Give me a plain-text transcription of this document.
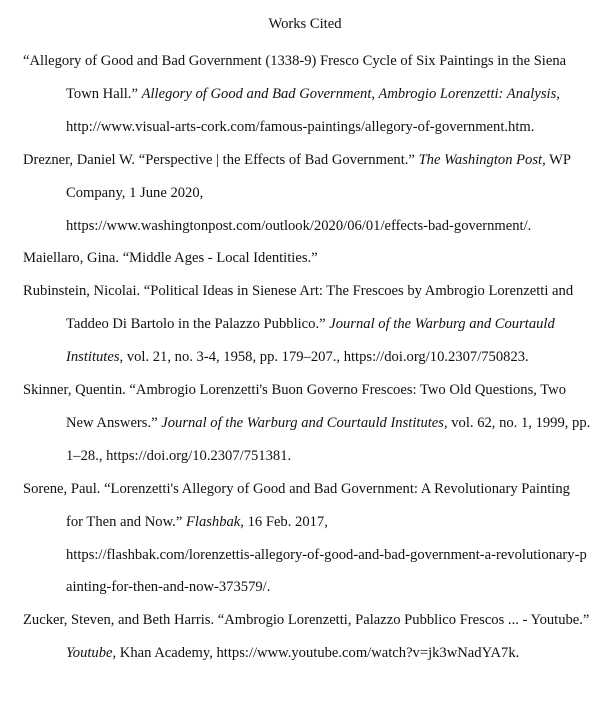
Works Cited
“Allegory of Good and Bad Government (1338-9) Fresco Cycle of Six Paintings in the Siena
Town Hall.” Allegory of Good and Bad Government, Ambrogio Lorenzetti: Analysis,
http://www.visual-arts-cork.com/famous-paintings/allegory-of-government.htm.
Drezner, Daniel W. “Perspective | the Effects of Bad Government.” The Washington Post, WP
Company, 1 June 2020,
https://www.washingtonpost.com/outlook/2020/06/01/effects-bad-government/.
Maiellaro, Gina. “Middle Ages - Local Identities.”
Rubinstein, Nicolai. “Political Ideas in Sienese Art: The Frescoes by Ambrogio Lorenzetti and
Taddeo Di Bartolo in the Palazzo Pubblico.” Journal of the Warburg and Courtauld
Institutes, vol. 21, no. 3-4, 1958, pp. 179–207., https://doi.org/10.2307/750823.
Skinner, Quentin. “Ambrogio Lorenzetti's Buon Governo Frescoes: Two Old Questions, Two
New Answers.” Journal of the Warburg and Courtauld Institutes, vol. 62, no. 1, 1999, pp.
1–28., https://doi.org/10.2307/751381.
Sorene, Paul. “Lorenzetti's Allegory of Good and Bad Government: A Revolutionary Painting
for Then and Now.” Flashbak, 16 Feb. 2017,
https://flashbak.com/lorenzettis-allegory-of-good-and-bad-government-a-revolutionary-p
ainting-for-then-and-now-373579/.
Zucker, Steven, and Beth Harris. “Ambrogio Lorenzetti, Palazzo Pubblico Frescos ... - Youtube.”
Youtube, Khan Academy, https://www.youtube.com/watch?v=jk3wNadYA7k.
